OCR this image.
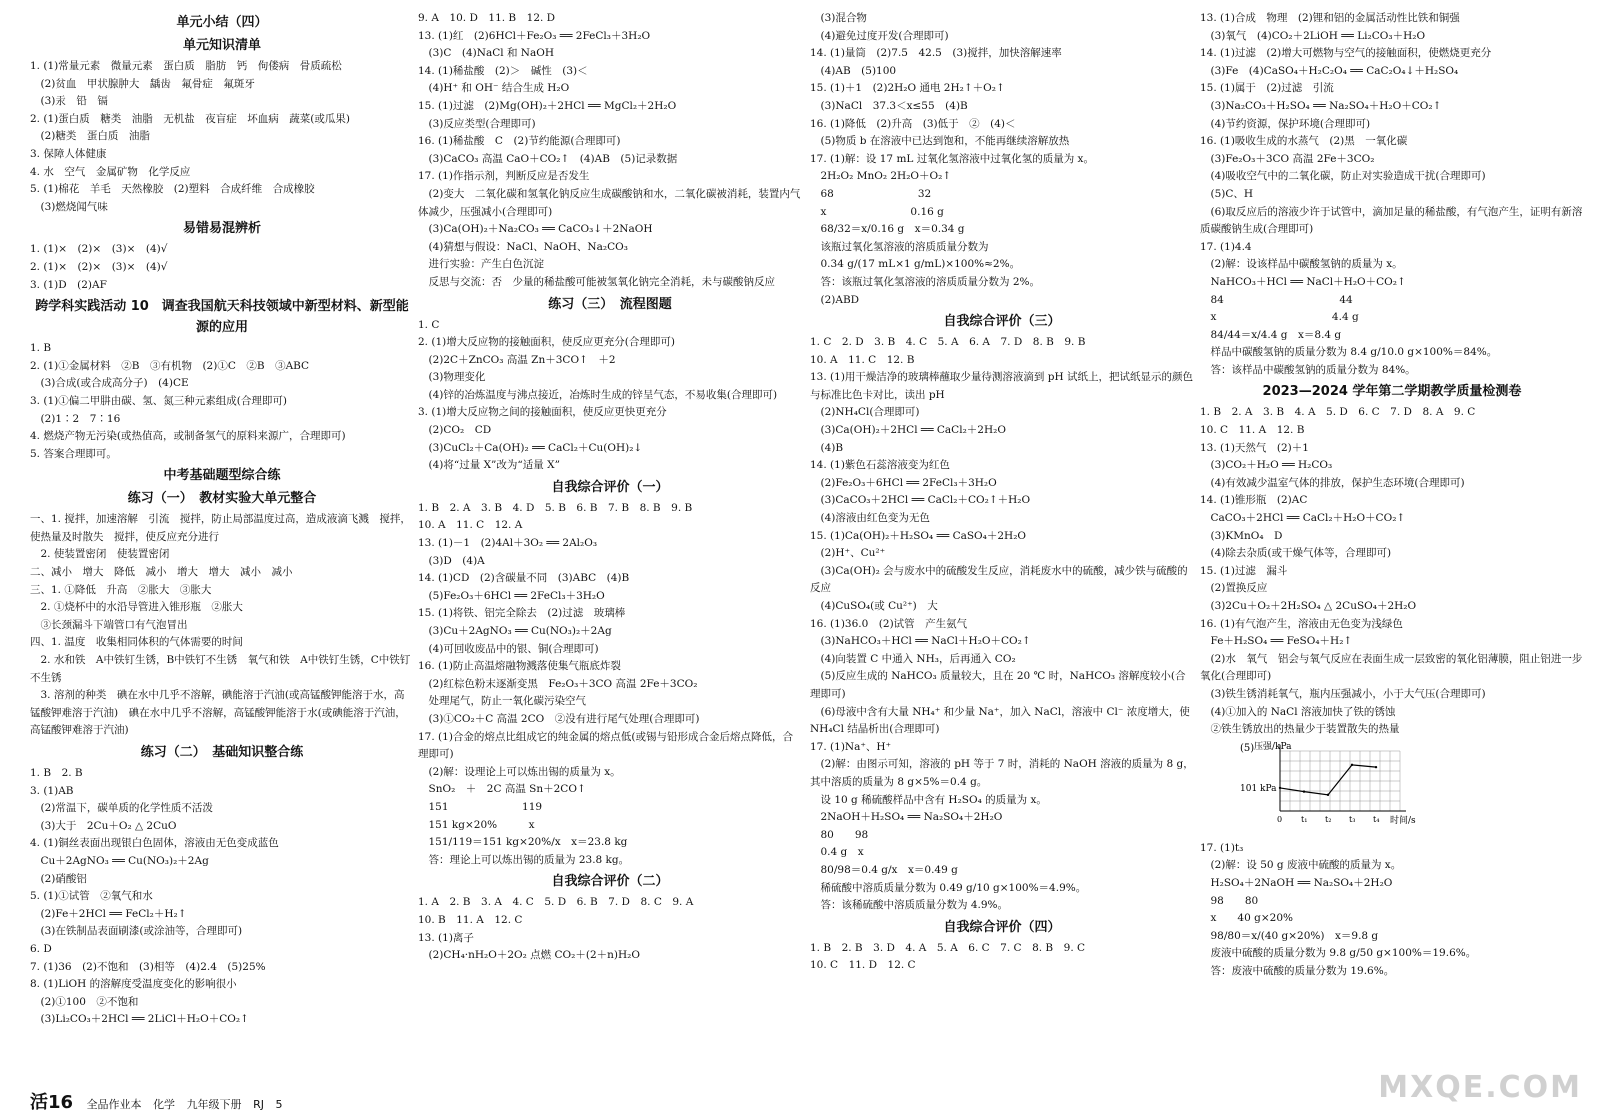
单元小结（四）
单元知识清单
1. (1)常量元素　微量元素　蛋白质　脂肪　钙　佝偻病　骨质疏松
　(2)贫血　甲状腺肿大　龋齿　氟骨症　氟斑牙
　(3)汞　铅　镉
2. (1)蛋白质　糖类　油脂　无机盐　夜盲症　坏血病　蔬菜(或瓜果)
　(2)糖类　蛋白质　油脂
3. 保障人体健康
4. 水　空气　金属矿物　化学反应
5. (1)棉花　羊毛　天然橡胶　(2)塑料　合成纤维　合成橡胶
　(3)燃烧闻气味
易错易混辨析
1. (1)×　(2)×　(3)×　(4)√
2. (1)×　(2)×　(3)×　(4)√
3. (1)D　(2)AF
跨学科实践活动 10　调查我国航天科技领域中新型材料、新型能源的应用
1. B
2. (1)①金属材料　②B　③有机物　(2)①C　②B　③ABC
　(3)合成(或合成高分子)　(4)CE
3. (1)①偏二甲肼由碳、氢、氮三种元素组成(合理即可)
　(2)1∶2　7∶16
4. 燃烧产物无污染(或热值高，或制备氢气的原料来源广，合理即可)
5. 答案合理即可。
中考基础题型综合练
练习（一）　教材实验大单元整合
一、1. 搅拌，加速溶解　引流　搅拌，防止局部温度过高，造成液滴飞溅　搅拌，使热量及时散失　搅拌，使反应充分进行
　2. 使装置密闭　使装置密闭
二、减小　增大　降低　减小　增大　增大　减小　减小
三、1. ①降低　升高　②胀大　③胀大
　2. ①烧杯中的水沿导管进入锥形瓶　②胀大
　③长颈漏斗下端管口有气泡冒出
四、1. 温度　收集相同体积的气体需要的时间
　2. 水和铁　A中铁钉生锈，B中铁钉不生锈　氧气和铁　A中铁钉生锈，C中铁钉不生锈
　3. 溶剂的种类　碘在水中几乎不溶解，碘能溶于汽油(或高锰酸钾能溶于水，高锰酸钾难溶于汽油)　碘在水中几乎不溶解，高锰酸钾能溶于水(或碘能溶于汽油，高锰酸钾难溶于汽油)
练习（二）　基础知识整合练
1. B　2. B
3. (1)AB
　(2)常温下，碳单质的化学性质不活泼
　(3)大于　2Cu＋O₂ △ 2CuO
4. (1)铜丝表面出现银白色固体，溶液由无色变成蓝色
　Cu＋2AgNO₃ ══ Cu(NO₃)₂＋2Ag
　(2)硝酸铝
5. (1)①试管　②氧气和水
　(2)Fe＋2HCl ══ FeCl₂＋H₂↑
　(3)在铁制品表面刷漆(或涂油等，合理即可)
6. D
7. (1)36　(2)不饱和　(3)相等　(4)2.4　(5)25%
8. (1)LiOH 的溶解度受温度变化的影响很小
　(2)①100　②不饱和
　(3)Li₂CO₃＋2HCl ══ 2LiCl＋H₂O＋CO₂↑
9. A　10. D　11. B　12. D
13. (1)红　(2)6HCl＋Fe₂O₃ ══ 2FeCl₃＋3H₂O
　(3)C　(4)NaCl 和 NaOH
14. (1)稀盐酸　(2)＞　碱性　(3)＜
　(4)H⁺ 和 OH⁻ 结合生成 H₂O
15. (1)过滤　(2)Mg(OH)₂＋2HCl ══ MgCl₂＋2H₂O
　(3)反应类型(合理即可)
16. (1)稀盐酸　C　(2)节约能源(合理即可)
　(3)CaCO₃ 高温 CaO＋CO₂↑　(4)AB　(5)记录数据
17. (1)作指示剂，判断反应是否发生
　(2)变大　二氧化碳和氢氧化钠反应生成碳酸钠和水，二氧化碳被消耗，装置内气体减少，压强减小(合理即可)
　(3)Ca(OH)₂＋Na₂CO₃ ══ CaCO₃↓＋2NaOH
　(4)猜想与假设：NaCl、NaOH、Na₂CO₃
　进行实验：产生白色沉淀
　反思与交流：否　少量的稀盐酸可能被氢氧化钠完全消耗，未与碳酸钠反应
练习（三）　流程图题
1. C
2. (1)增大反应物的接触面积，使反应更充分(合理即可)
　(2)2C＋ZnCO₃ 高温 Zn＋3CO↑　＋2
　(3)物理变化
　(4)锌的冶炼温度与沸点接近，冶炼时生成的锌呈气态，不易收集(合理即可)
3. (1)增大反应物之间的接触面积，使反应更快更充分
　(2)CO₂　CD
　(3)CuCl₂＋Ca(OH)₂ ══ CaCl₂＋Cu(OH)₂↓
　(4)将“过量 X”改为“适量 X”
自我综合评价（一）
1. B　2. A　3. B　4. D　5. B　6. B　7. B　8. B　9. B
10. A　11. C　12. A
13. (1)－1　(2)4Al＋3O₂ ══ 2Al₂O₃
　(3)D　(4)A
14. (1)CD　(2)含碳量不同　(3)ABC　(4)B
　(5)Fe₂O₃＋6HCl ══ 2FeCl₃＋3H₂O
15. (1)将铁、铝完全除去　(2)过滤　玻璃棒
　(3)Cu＋2AgNO₃ ══ Cu(NO₃)₂＋2Ag
　(4)可回收废品中的银、铜(合理即可)
16. (1)防止高温熔融物溅落使集气瓶底炸裂
　(2)红棕色粉末逐渐变黑　Fe₂O₃＋3CO 高温 2Fe＋3CO₂
　处理尾气，防止一氧化碳污染空气
　(3)①CO₂＋C 高温 2CO　②没有进行尾气处理(合理即可)
17. (1)合金的熔点比组成它的纯金属的熔点低(或锡与铅形成合金后熔点降低，合理即可)
　(2)解：设理论上可以炼出锡的质量为 x。
　SnO₂　＋　2C 高温 Sn＋2CO↑
　151　　　　　　　119
　151 kg×20%　　　x
　151/119＝151 kg×20%/x　x＝23.8 kg
　答：理论上可以炼出锡的质量为 23.8 kg。
自我综合评价（二）
1. A　2. B　3. A　4. C　5. D　6. B　7. D　8. C　9. A
10. B　11. A　12. C
13. (1)离子
　(2)CH₄·nH₂O＋2O₂ 点燃 CO₂＋(2＋n)H₂O
　(3)混合物
　(4)避免过度开发(合理即可)
14. (1)量筒　(2)7.5　42.5　(3)搅拌，加快溶解速率
　(4)AB　(5)100
15. (1)＋1　(2)2H₂O 通电 2H₂↑＋O₂↑
　(3)NaCl　37.3＜x≤55　(4)B
16. (1)降低　(2)升高　(3)低于　②　(4)＜
　(5)物质 b 在溶液中已达到饱和，不能再继续溶解放热
17. (1)解：设 17 mL 过氧化氢溶液中过氧化氢的质量为 x。
　2H₂O₂ MnO₂ 2H₂O＋O₂↑
　68　　　　　　　　32
　x　　　　　　　　0.16 g
　68/32＝x/0.16 g　x＝0.34 g
　该瓶过氧化氢溶液的溶质质量分数为
　0.34 g/(17 mL×1 g/mL)×100%≈2%。
　答：该瓶过氧化氢溶液的溶质质量分数为 2%。
　(2)ABD
自我综合评价（三）
1. C　2. D　3. B　4. C　5. A　6. A　7. D　8. B　9. B
10. A　11. C　12. B
13. (1)用干燥洁净的玻璃棒蘸取少量待测溶液滴到 pH 试纸上，把试纸显示的颜色与标准比色卡对比，读出 pH
　(2)NH₄Cl(合理即可)
　(3)Ca(OH)₂＋2HCl ══ CaCl₂＋2H₂O
　(4)B
14. (1)紫色石蕊溶液变为红色
　(2)Fe₂O₃＋6HCl ══ 2FeCl₃＋3H₂O
　(3)CaCO₃＋2HCl ══ CaCl₂＋CO₂↑＋H₂O
　(4)溶液由红色变为无色
15. (1)Ca(OH)₂＋H₂SO₄ ══ CaSO₄＋2H₂O
　(2)H⁺、Cu²⁺
　(3)Ca(OH)₂ 会与废水中的硫酸发生反应，消耗废水中的硫酸，减少铁与硫酸的反应
　(4)CuSO₄(或 Cu²⁺)　大
16. (1)36.0　(2)试管　产生氨气
　(3)NaHCO₃＋HCl ══ NaCl＋H₂O＋CO₂↑
　(4)向装置 C 中通入 NH₃，后再通入 CO₂
　(5)反应生成的 NaHCO₃ 质量较大，且在 20 ℃ 时，NaHCO₃ 溶解度较小(合理即可)
　(6)母液中含有大量 NH₄⁺ 和少量 Na⁺，加入 NaCl，溶液中 Cl⁻ 浓度增大，使 NH₄Cl 结晶析出(合理即可)
17. (1)Na⁺、H⁺
　(2)解：由图示可知，溶液的 pH 等于 7 时，消耗的 NaOH 溶液的质量为 8 g，其中溶质的质量为 8 g×5%＝0.4 g。
　设 10 g 稀硫酸样品中含有 H₂SO₄ 的质量为 x。
　2NaOH＋H₂SO₄ ══ Na₂SO₄＋2H₂O
　80　　98
　0.4 g　x
　80/98＝0.4 g/x　x＝0.49 g
　稀硫酸中溶质质量分数为 0.49 g/10 g×100%＝4.9%。
　答：该稀硫酸中溶质质量分数为 4.9%。
自我综合评价（四）
1. B　2. B　3. D　4. A　5. A　6. C　7. C　8. B　9. C
10. C　11. D　12. C
13. (1)合成　物理　(2)锂和铝的金属活动性比铁和铜强
　(3)氧气　(4)CO₂＋2LiOH ══ Li₂CO₃＋H₂O
14. (1)过滤　(2)增大可燃物与空气的接触面积，使燃烧更充分
　(3)Fe　(4)CaSO₄＋H₂C₂O₄ ══ CaC₂O₄↓＋H₂SO₄
15. (1)属于　(2)过滤　引流
　(3)Na₂CO₃＋H₂SO₄ ══ Na₂SO₄＋H₂O＋CO₂↑
　(4)节约资源，保护环境(合理即可)
16. (1)吸收生成的水蒸气　(2)黑　一氧化碳
　(3)Fe₂O₃＋3CO 高温 2Fe＋3CO₂
　(4)吸收空气中的二氧化碳，防止对实验造成干扰(合理即可)
　(5)C、H
　(6)取反应后的溶液少许于试管中，滴加足量的稀盐酸，有气泡产生，证明有新溶质碳酸钠生成(合理即可)
17. (1)4.4
　(2)解：设该样品中碳酸氢钠的质量为 x。
　NaHCO₃＋HCl ══ NaCl＋H₂O＋CO₂↑
　84　　　　　　　　　　　44
　x　　　　　　　　　　　4.4 g
　84/44＝x/4.4 g　x＝8.4 g
　样品中碳酸氢钠的质量分数为 8.4 g/10.0 g×100%＝84%。
　答：该样品中碳酸氢钠的质量分数为 84%。
2023—2024 学年第二学期教学质量检测卷
1. B　2. A　3. B　4. A　5. D　6. C　7. D　8. A　9. C
10. C　11. A　12. B
13. (1)天然气　(2)＋1
　(3)CO₂＋H₂O ══ H₂CO₃
　(4)有效减少温室气体的排放，保护生态环境(合理即可)
14. (1)锥形瓶　(2)AC
　CaCO₃＋2HCl ══ CaCl₂＋H₂O＋CO₂↑
　(3)KMnO₄　D
　(4)除去杂质(或干燥气体等，合理即可)
15. (1)过滤　漏斗
　(2)置换反应
　(3)2Cu＋O₂＋2H₂SO₄ △ 2CuSO₄＋2H₂O
16. (1)有气泡产生，溶液由无色变为浅绿色
　Fe＋H₂SO₄ ══ FeSO₄＋H₂↑
　(2)水　氧气　铝会与氧气反应在表面生成一层致密的氧化铝薄膜，阻止铝进一步氧化(合理即可)
　(3)铁生锈消耗氧气，瓶内压强减小，小于大气压(合理即可)
　(4)①加入的 NaCl 溶液加快了铁的锈蚀
　②铁生锈放出的热量少于装置散失的热量
(5) 压强/kPa
时间/s
101 kPa
0 t₁ t₂ t₃ t₄
17. (1)t₃
　(2)解：设 50 g 废液中硫酸的质量为 x。
　H₂SO₄＋2NaOH ══ Na₂SO₄＋2H₂O
　98　　80
　x　　40 g×20%
　98/80＝x/(40 g×20%)　x＝9.8 g
　废液中硫酸的质量分数为 9.8 g/50 g×100%＝19.6%。
　答：废液中硫酸的质量分数为 19.6%。
活16 全品作业本 化学 九年级下册 RJ 5	MXQE.COM
